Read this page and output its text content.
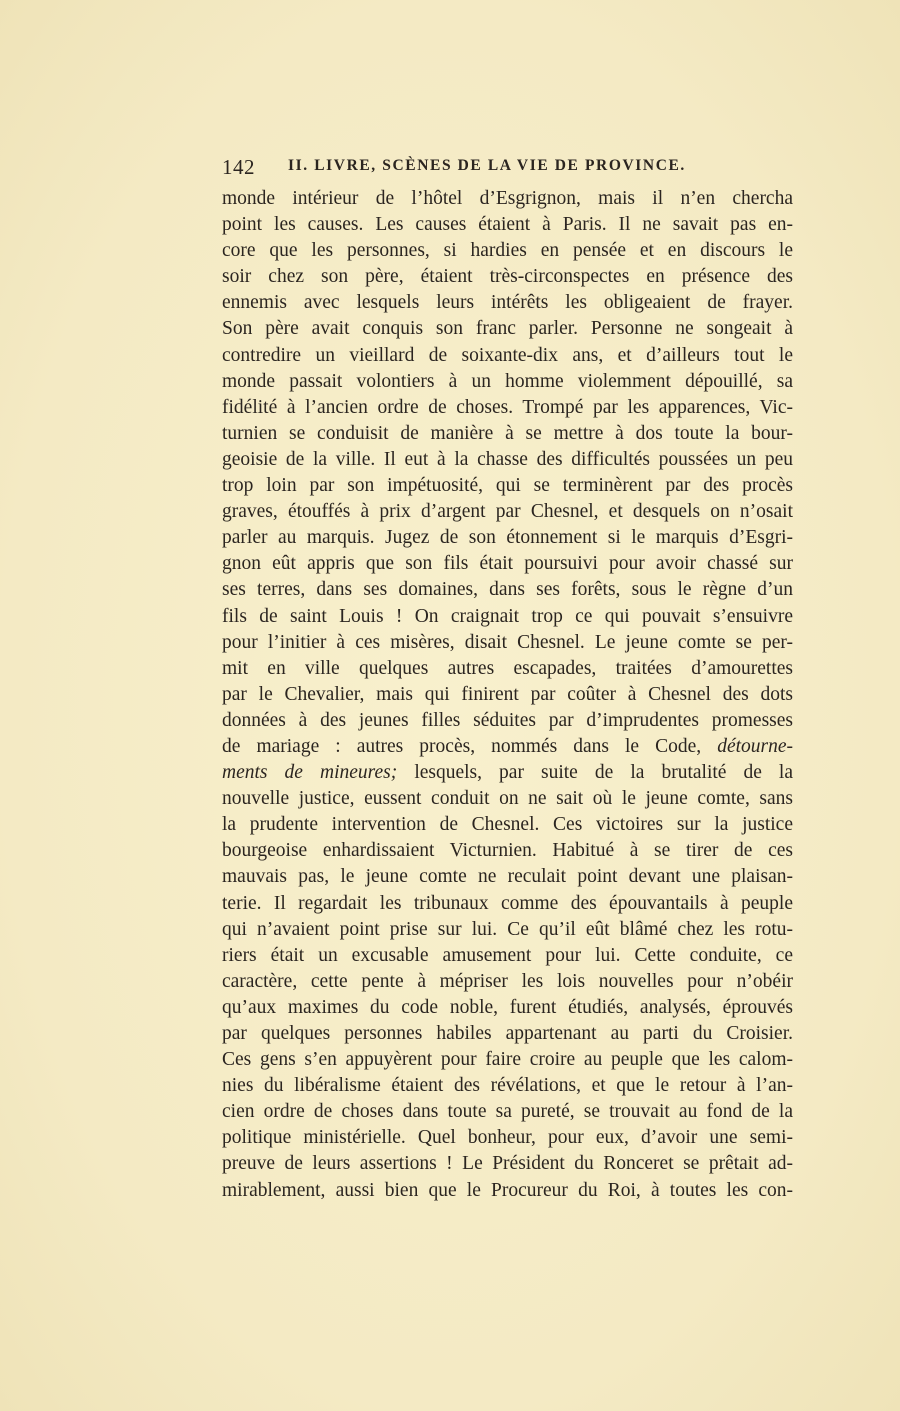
142 II. LIVRE, SCÈNES DE LA VIE DE PROVINCE.
monde intérieur de l’hôtel d’Esgrignon, mais il n’en chercha
point les causes. Les causes étaient à Paris. Il ne savait pas en-
core que les personnes, si hardies en pensée et en discours le
soir chez son père, étaient très-circonspectes en présence des
ennemis avec lesquels leurs intérêts les obligeaient de frayer.
Son père avait conquis son franc parler. Personne ne songeait à
contredire un vieillard de soixante-dix ans, et d’ailleurs tout le
monde passait volontiers à un homme violemment dépouillé, sa
fidélité à l’ancien ordre de choses. Trompé par les apparences, Vic-
turnien se conduisit de manière à se mettre à dos toute la bour-
geoisie de la ville. Il eut à la chasse des difficultés poussées un peu
trop loin par son impétuosité, qui se terminèrent par des procès
graves, étouffés à prix d’argent par Chesnel, et desquels on n’osait
parler au marquis. Jugez de son étonnement si le marquis d’Esgri-
gnon eût appris que son fils était poursuivi pour avoir chassé sur
ses terres, dans ses domaines, dans ses forêts, sous le règne d’un
fils de saint Louis ! On craignait trop ce qui pouvait s’ensuivre
pour l’initier à ces misères, disait Chesnel. Le jeune comte se per-
mit en ville quelques autres escapades, traitées d’amourettes
par le Chevalier, mais qui finirent par coûter à Chesnel des dots
données à des jeunes filles séduites par d’imprudentes promesses
de mariage : autres procès, nommés dans le Code, détourne-
ments de mineures; lesquels, par suite de la brutalité de la
nouvelle justice, eussent conduit on ne sait où le jeune comte, sans
la prudente intervention de Chesnel. Ces victoires sur la justice
bourgeoise enhardissaient Victurnien. Habitué à se tirer de ces
mauvais pas, le jeune comte ne reculait point devant une plaisan-
terie. Il regardait les tribunaux comme des épouvantails à peuple
qui n’avaient point prise sur lui. Ce qu’il eût blâmé chez les rotu-
riers était un excusable amusement pour lui. Cette conduite, ce
caractère, cette pente à mépriser les lois nouvelles pour n’obéir
qu’aux maximes du code noble, furent étudiés, analysés, éprouvés
par quelques personnes habiles appartenant au parti du Croisier.
Ces gens s’en appuyèrent pour faire croire au peuple que les calom-
nies du libéralisme étaient des révélations, et que le retour à l’an-
cien ordre de choses dans toute sa pureté, se trouvait au fond de la
politique ministérielle. Quel bonheur, pour eux, d’avoir une semi-
preuve de leurs assertions ! Le Président du Ronceret se prêtait ad-
mirablement, aussi bien que le Procureur du Roi, à toutes les con-
